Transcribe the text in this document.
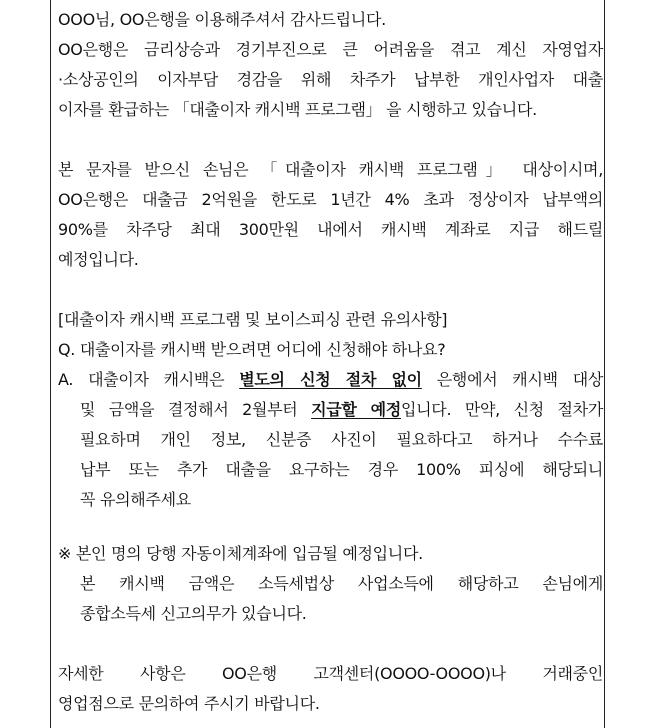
OOO님, OO은행을 이용해주셔서 감사드립니다.
OO은행은 금리상승과 경기부진으로 큰 어려움을 겪고 계신 자영업자
·소상공인의 이자부담 경감을 위해 차주가 납부한 개인사업자 대출
이자를 환급하는 「대출이자 캐시백 프로그램」 을 시행하고 있습니다.
본 문자를 받으신 손님은 「대출이자 캐시백 프로그램」 대상이시며,
OO은행은 대출금 2억원을 한도로 1년간 4% 초과 정상이자 납부액의
90%를 차주당 최대 300만원 내에서 캐시백 계좌로 지급 해드릴
예정입니다.
[대출이자 캐시백 프로그램 및 보이스피싱 관련 유의사항]
Q. 대출이자를 캐시백 받으려면 어디에 신청해야 하나요?
A. 대출이자 캐시백은 별도의 신청 절차 없이 은행에서 캐시백 대상
및 금액을 결정해서 2월부터 지급할 예정입니다. 만약, 신청 절차가
필요하며 개인 정보, 신분증 사진이 필요하다고 하거나 수수료
납부 또는 추가 대출을 요구하는 경우 100% 피싱에 해당되니
꼭 유의해주세요
※ 본인 명의 당행 자동이체계좌에 입금될 예정입니다.
본 캐시백 금액은 소득세법상 사업소득에 해당하고 손님에게
종합소득세 신고의무가 있습니다.
자세한 사항은 OO은행 고객센터(OOOO-OOOO)나 거래중인
영업점으로 문의하여 주시기 바랍니다.
